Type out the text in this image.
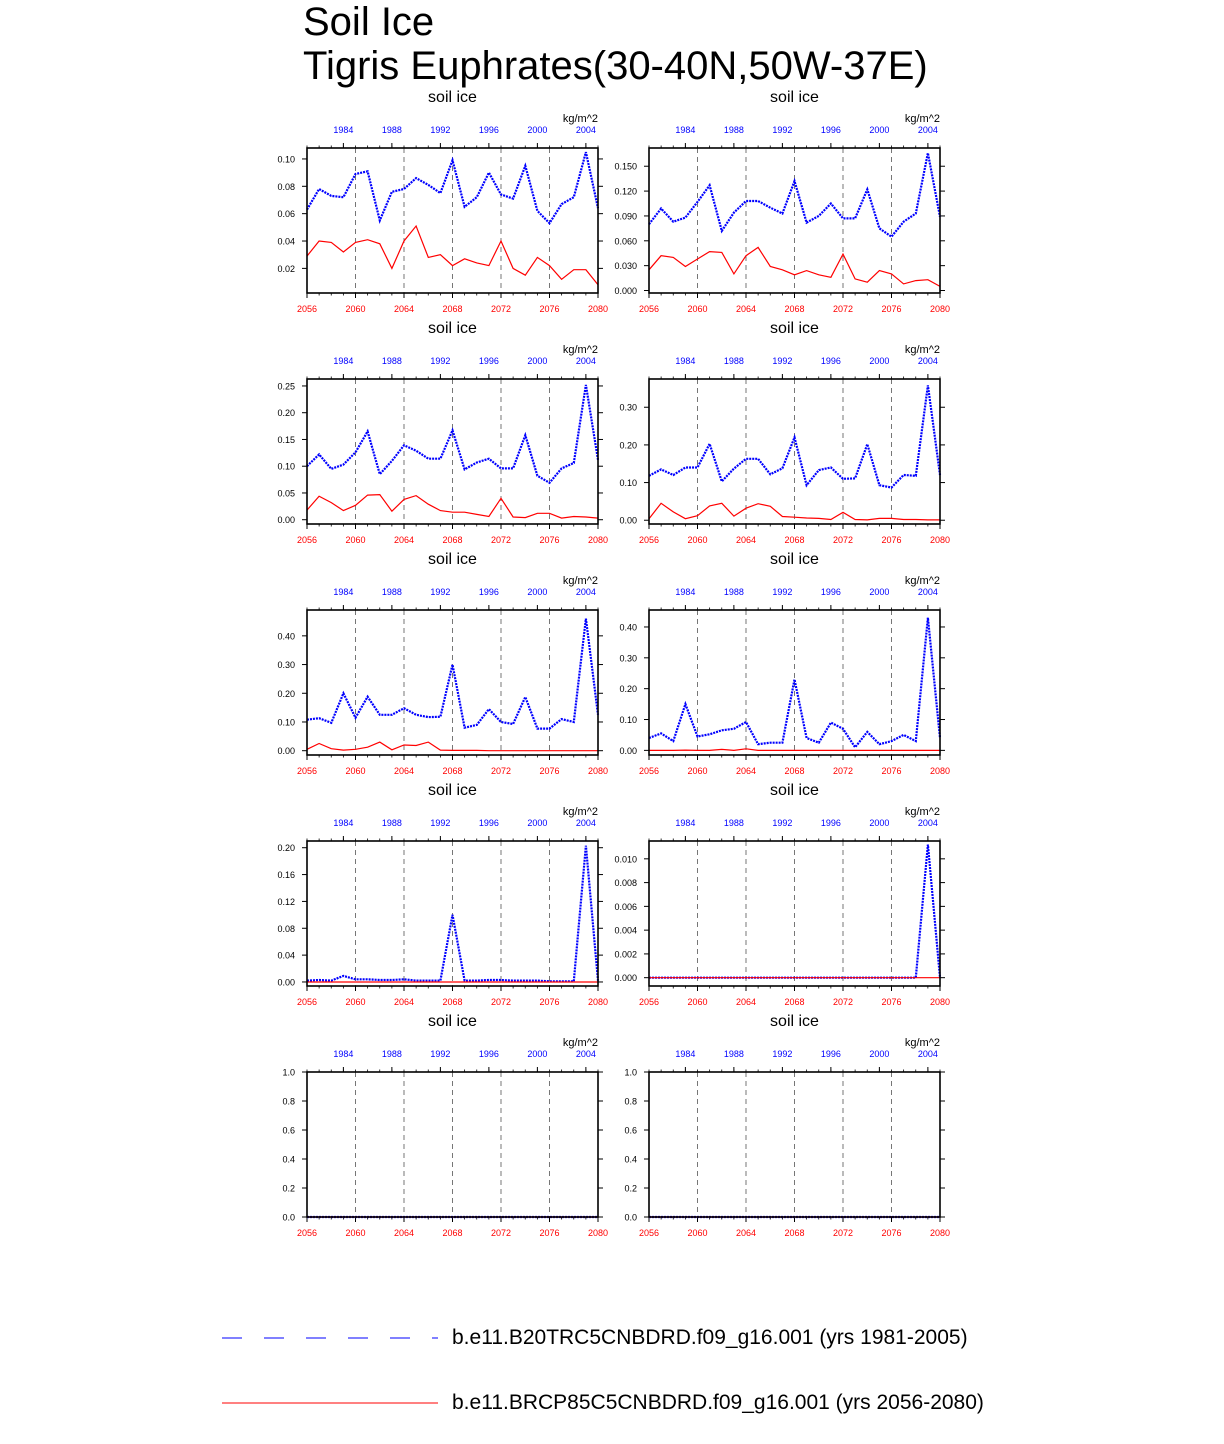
Soil Ice
Tigris Euphrates(30-40N,50W-37E)
soil ice
kg/m^2
2056	2060	2064	2068	2072	2076	2080
1984	1988	1992	1996	2000	2004
0.02
0.04
0.06
0.08
0.10
soil ice
kg/m^2
2056	2060	2064	2068	2072	2076	2080
1984	1988	1992	1996	2000	2004
0.000
0.030
0.060
0.090
0.120
0.150
soil ice
kg/m^2
2056	2060	2064	2068	2072	2076	2080
1984	1988	1992	1996	2000	2004
0.00
0.05
0.10
0.15
0.20
0.25
soil ice
kg/m^2
2056	2060	2064	2068	2072	2076	2080
1984	1988	1992	1996	2000	2004
0.00
0.10
0.20
0.30
soil ice
kg/m^2
2056	2060	2064	2068	2072	2076	2080
1984	1988	1992	1996	2000	2004
0.00
0.10
0.20
0.30
0.40
soil ice
kg/m^2
2056	2060	2064	2068	2072	2076	2080
1984	1988	1992	1996	2000	2004
0.00
0.10
0.20
0.30
0.40
soil ice
kg/m^2
2056	2060	2064	2068	2072	2076	2080
1984	1988	1992	1996	2000	2004
0.00
0.04
0.08
0.12
0.16
0.20
soil ice
kg/m^2
2056	2060	2064	2068	2072	2076	2080
1984	1988	1992	1996	2000	2004
0.000
0.002
0.004
0.006
0.008
0.010
soil ice
kg/m^2
2056	2060	2064	2068	2072	2076	2080
1984	1988	1992	1996	2000	2004
0.0
0.2
0.4
0.6
0.8
1.0
soil ice
kg/m^2
2056	2060	2064	2068	2072	2076	2080
1984	1988	1992	1996	2000	2004
0.0
0.2
0.4
0.6
0.8
1.0
b.e11.B20TRC5CNBDRD.f09_g16.001 (yrs 1981-2005)
b.e11.BRCP85C5CNBDRD.f09_g16.001 (yrs 2056-2080)
